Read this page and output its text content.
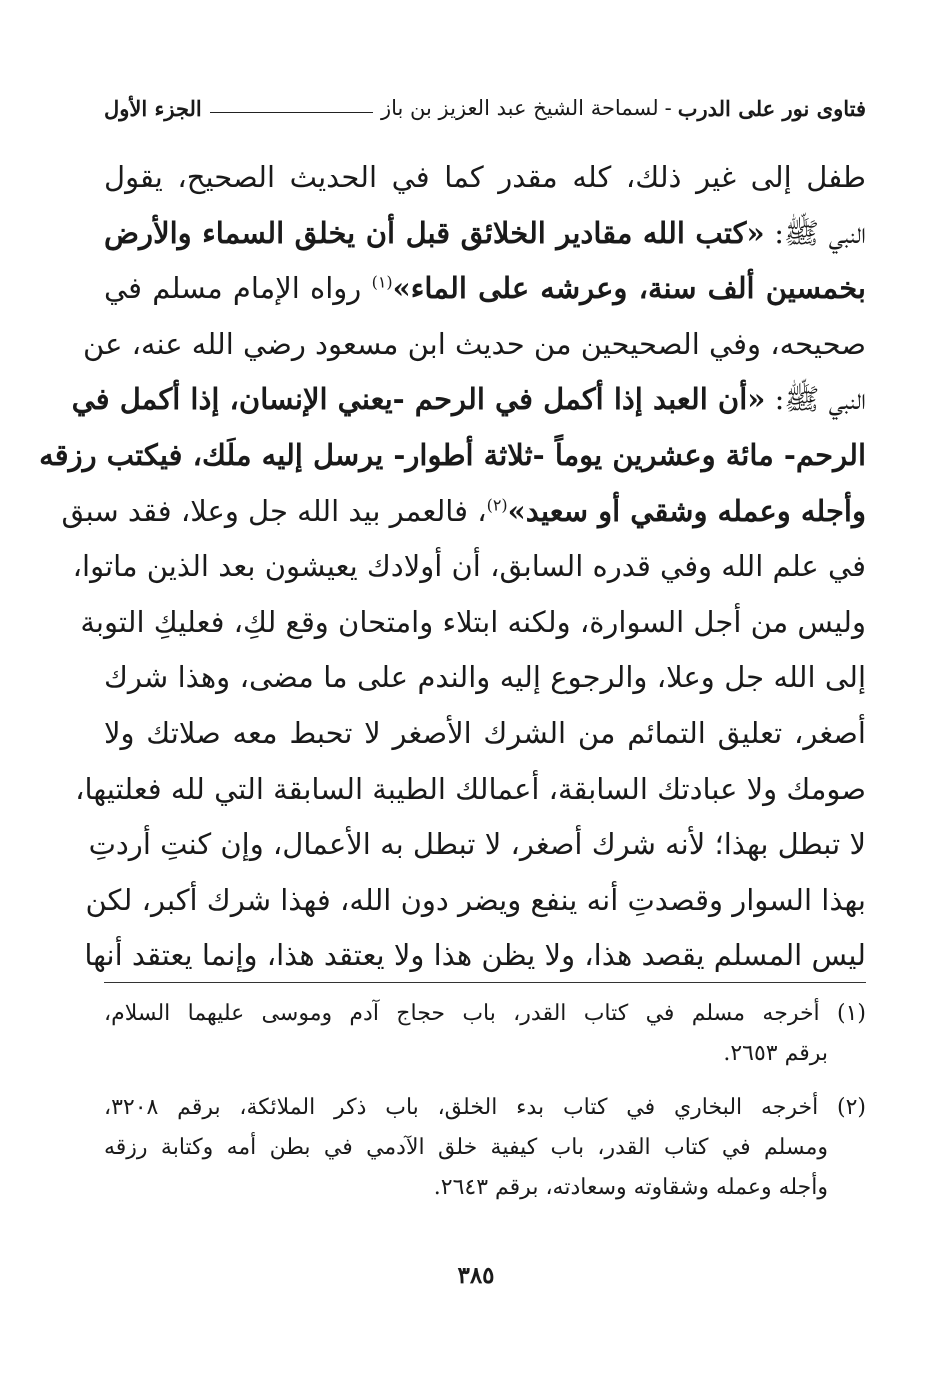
فتاوى نور على الدرب
-
لسماحة الشيخ عبد العزيز بن باز
الجزء الأول
طفل إلى غير ذلك، كله مقدر كما في الحديث الصحيح، يقول
النبي ﷺ: «كتب الله مقادير الخلائق قبل أن يخلق السماء والأرض
بخمسين ألف سنة، وعرشه على الماء»$^{(١)}$ رواه الإمام مسلم في
صحيحه، وفي الصحيحين من حديث ابن مسعود رضي الله عنه، عن
النبي ﷺ: «أن العبد إذا أكمل في الرحم -يعني الإنسان، إذا أكمل في
الرحم- مائة وعشرين يوماً -ثلاثة أطوار- يرسل إليه ملَك، فيكتب رزقه
وأجله وعمله وشقي أو سعيد»$^{(٢)}$، فالعمر بيد الله جل وعلا، فقد سبق
في علم الله وفي قدره السابق، أن أولادك يعيشون بعد الذين ماتوا،
وليس من أجل السوارة، ولكنه ابتلاء وامتحان وقع لكِ، فعليكِ التوبة
إلى الله جل وعلا، والرجوع إليه والندم على ما مضى، وهذا شرك
أصغر، تعليق التمائم من الشرك الأصغر لا تحبط معه صلاتك ولا
صومك ولا عبادتك السابقة، أعمالك الطيبة السابقة التي لله فعلتيها،
لا تبطل بهذا؛ لأنه شرك أصغر، لا تبطل به الأعمال، وإن كنتِ أردتِ
بهذا السوار وقصدتِ أنه ينفع ويضر دون الله، فهذا شرك أكبر، لكن
ليس المسلم يقصد هذا، ولا يظن هذا ولا يعتقد هذا، وإنما يعتقد أنها
(١) أخرجه مسلم في كتاب القدر، باب حجاج آدم وموسى عليهما السلام،
برقم ٢٦٥٣.
(٢) أخرجه البخاري في كتاب بدء الخلق، باب ذكر الملائكة، برقم ٣٢٠٨،
ومسلم في كتاب القدر، باب كيفية خلق الآدمي في بطن أمه وكتابة رزقه
وأجله وعمله وشقاوته وسعادته، برقم ٢٦٤٣.
٣٨٥
